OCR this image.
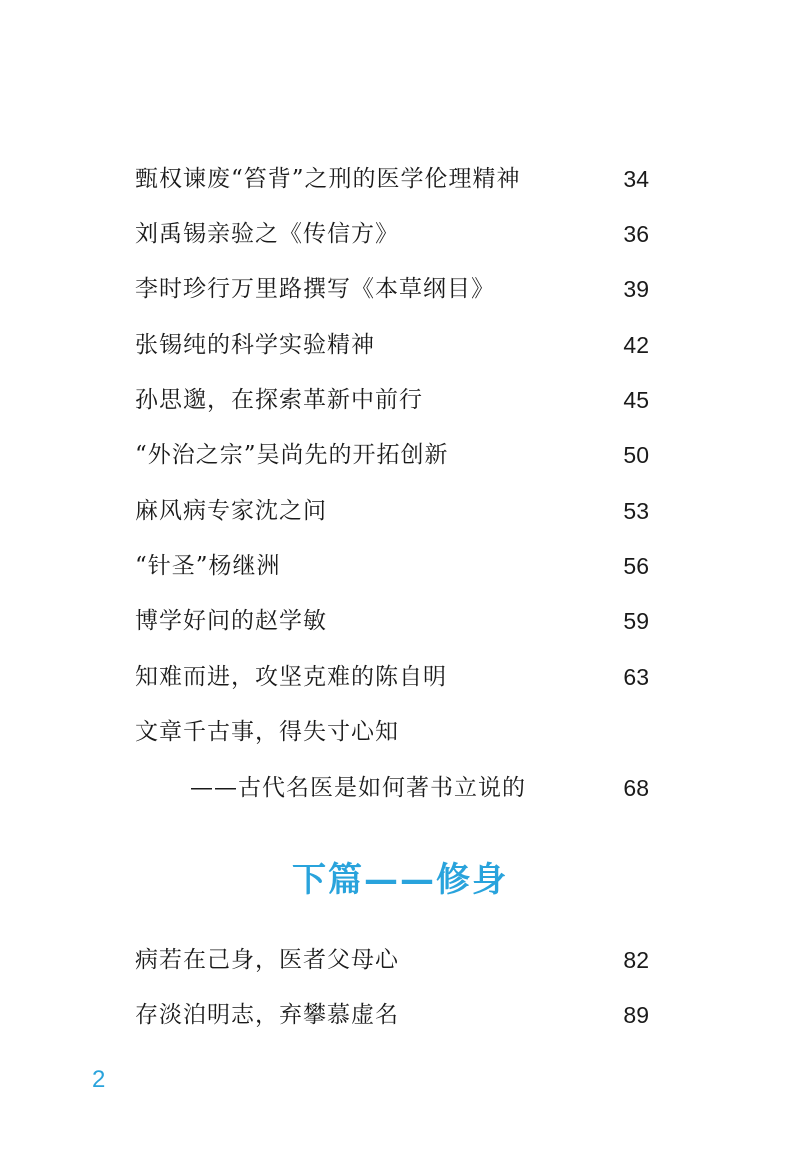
甄权谏废“笞背”之刑的医学伦理精神	34
刘禹锡亲验之《传信方》	36
李时珍行万里路撰写《本草纲目》	39
张锡纯的科学实验精神	42
孙思邈，在探索革新中前行	45
“外治之宗”吴尚先的开拓创新	50
麻风病专家沈之问	53
“针圣”杨继洲	56
博学好问的赵学敏	59
知难而进，攻坚克难的陈自明	63
文章千古事，得失寸心知
——古代名医是如何著书立说的	68
下篇——修身
病若在己身，医者父母心	82
存淡泊明志，弃攀慕虚名	89
2
